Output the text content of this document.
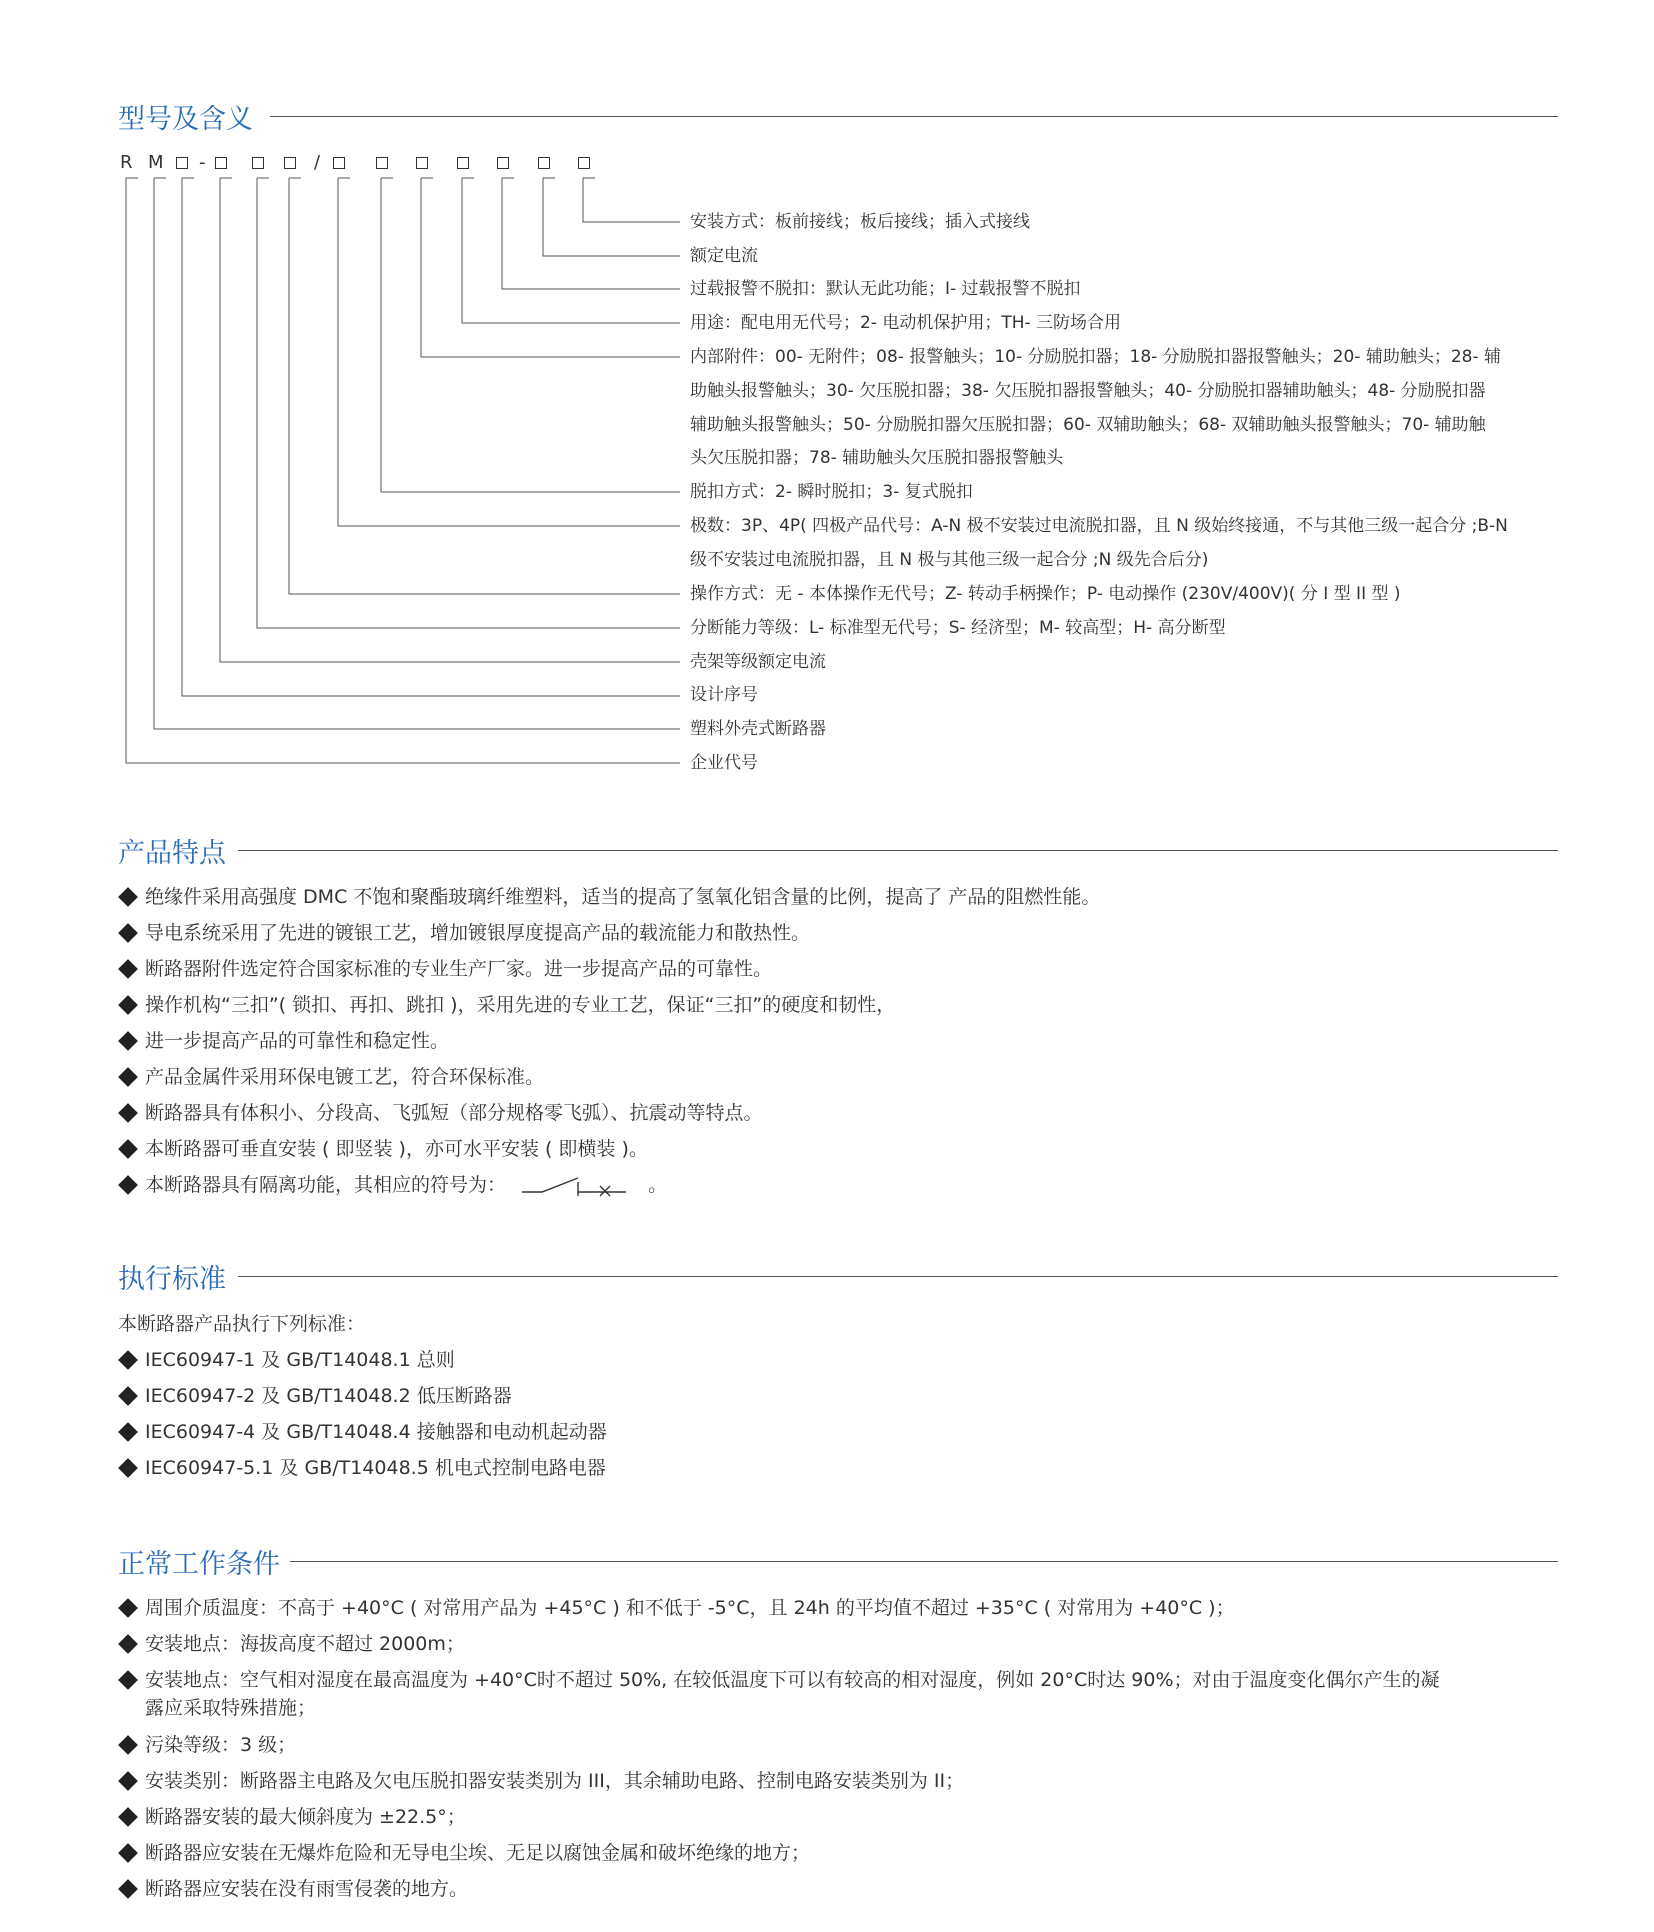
型号及含义
R M -	/
安装方式：板前接线；板后接线；插入式接线
额定电流
过载报警不脱扣：默认无此功能；I- 过载报警不脱扣
用途：配电用无代号；2- 电动机保护用；TH- 三防场合用
内部附件：00- 无附件；08- 报警触头；10- 分励脱扣器；18- 分励脱扣器报警触头；20- 辅助触头；28- 辅
助触头报警触头；30- 欠压脱扣器；38- 欠压脱扣器报警触头；40- 分励脱扣器辅助触头；48- 分励脱扣器
辅助触头报警触头；50- 分励脱扣器欠压脱扣器；60- 双辅助触头；68- 双辅助触头报警触头；70- 辅助触
头欠压脱扣器；78- 辅助触头欠压脱扣器报警触头
脱扣方式：2- 瞬时脱扣；3- 复式脱扣
极数：3P、4P( 四极产品代号：A-N 极不安装过电流脱扣器，且 N 级始终接通，不与其他三级一起合分 ;B-N
级不安装过电流脱扣器，且 N 极与其他三级一起合分 ;N 级先合后分)
操作方式：无 - 本体操作无代号；Z- 转动手柄操作；P- 电动操作 (230V/400V)( 分 I 型 II 型 )
分断能力等级：L- 标准型无代号；S- 经济型；M- 较高型；H- 高分断型
壳架等级额定电流
设计序号
塑料外壳式断路器
企业代号
产品特点
绝缘件采用高强度 DMC 不饱和聚酯玻璃纤维塑料，适当的提高了氢氧化铝含量的比例，提高了 产品的阻燃性能。
导电系统采用了先进的镀银工艺，增加镀银厚度提高产品的载流能力和散热性。
断路器附件选定符合国家标准的专业生产厂家。进一步提高产品的可靠性。
操作机构“三扣”( 锁扣、再扣、跳扣 )，采用先进的专业工艺，保证“三扣”的硬度和韧性，
进一步提高产品的可靠性和稳定性。
产品金属件采用环保电镀工艺，符合环保标准。
断路器具有体积小、分段高、飞弧短（部分规格零飞弧）、抗震动等特点。
本断路器可垂直安装 ( 即竖装 )，亦可水平安装 ( 即横装 )。
本断路器具有隔离功能，其相应的符号为：	。
执行标准
本断路器产品执行下列标准：
IEC60947-1 及 GB/T14048.1 总则
IEC60947-2 及 GB/T14048.2 低压断路器
IEC60947-4 及 GB/T14048.4 接触器和电动机起动器
IEC60947-5.1 及 GB/T14048.5 机电式控制电路电器
正常工作条件
周围介质温度：不高于 +40°C ( 对常用产品为 +45°C ) 和不低于 -5°C，且 24h 的平均值不超过 +35°C ( 对常用为 +40°C )；
安装地点：海拔高度不超过 2000m；
安装地点：空气相对湿度在最高温度为 +40°C时不超过 50%, 在较低温度下可以有较高的相对湿度，例如 20°C时达 90%；对由于温度变化偶尔产生的凝
露应采取特殊措施；
污染等级：3 级；
安装类别：断路器主电路及欠电压脱扣器安装类别为 III，其余辅助电路、控制电路安装类别为 II；
断路器安装的最大倾斜度为 ±22.5°；
断路器应安装在无爆炸危险和无导电尘埃、无足以腐蚀金属和破坏绝缘的地方；
断路器应安装在没有雨雪侵袭的地方。
